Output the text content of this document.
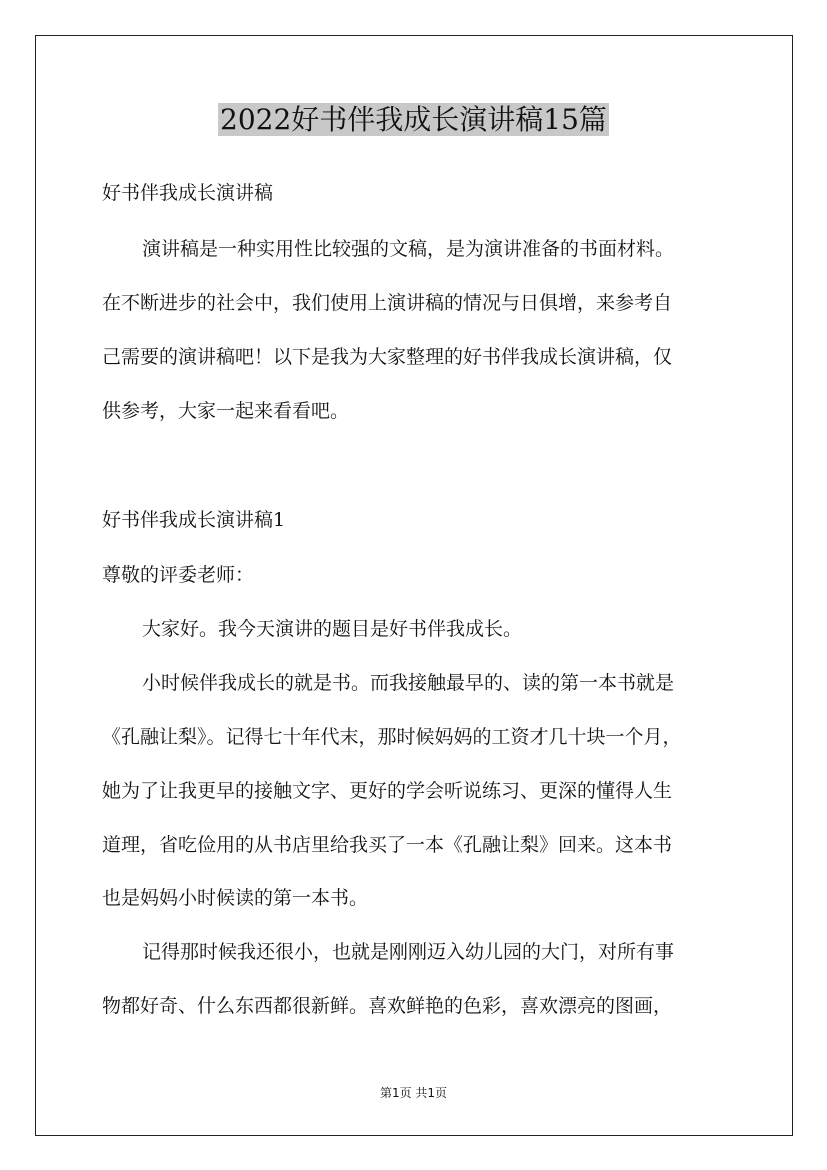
2022好书伴我成长演讲稿15篇
好书伴我成长演讲稿
演讲稿是一种实用性比较强的文稿，是为演讲准备的书面材料。
在不断进步的社会中，我们使用上演讲稿的情况与日俱增，来参考自
己需要的演讲稿吧！以下是我为大家整理的好书伴我成长演讲稿，仅
供参考，大家一起来看看吧。
好书伴我成长演讲稿1
尊敬的评委老师：
大家好。我今天演讲的题目是好书伴我成长。
小时候伴我成长的就是书。而我接触最早的、读的第一本书就是
《孔融让梨》。记得七十年代末，那时候妈妈的工资才几十块一个月，
她为了让我更早的接触文字、更好的学会听说练习、更深的懂得人生
道理，省吃俭用的从书店里给我买了一本《孔融让梨》回来。这本书
也是妈妈小时候读的第一本书。
记得那时候我还很小，也就是刚刚迈入幼儿园的大门，对所有事
物都好奇、什么东西都很新鲜。喜欢鲜艳的色彩，喜欢漂亮的图画，
第1页 共1页
